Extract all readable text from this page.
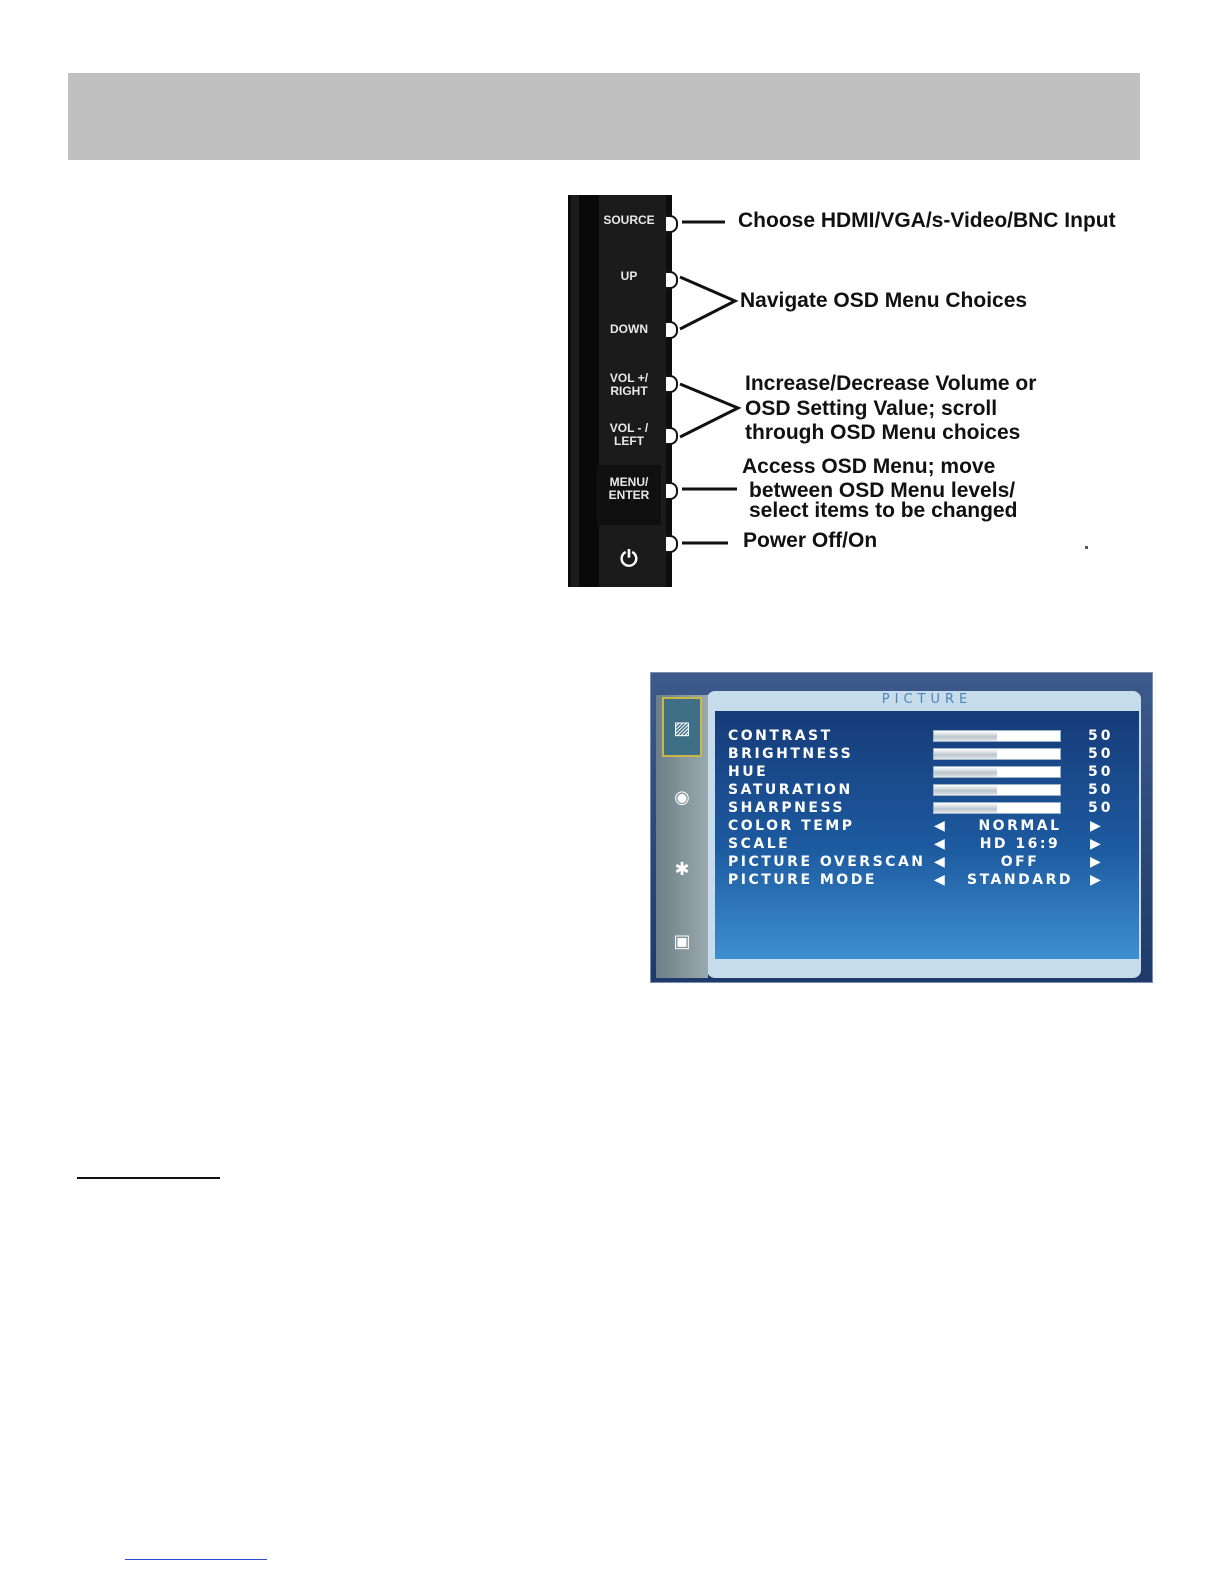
SOURCE
UP
DOWN
VOL +/
RIGHT
VOL - /
LEFT
MENU/
ENTER

⏻

Choose HDMI/VGA/s-Video/BNC Input
Navigate OSD Menu Choices
Increase/Decrease Volume or
OSD Setting Value; scroll
through OSD Menu choices
Access OSD Menu; move
between OSD Menu levels/
select items to be changed
Power Off/On
▨
◉
✱
▣
PICTURE
CONTRAST	50
BRIGHTNESS	50
HUE	50
SATURATION	50
SHARPNESS	50
COLOR TEMP	◀	NORMAL	▶
SCALE	◀	HD 16:9	▶
PICTURE OVERSCAN ◀	OFF	▶
PICTURE MODE	◀	STANDARD	▶
